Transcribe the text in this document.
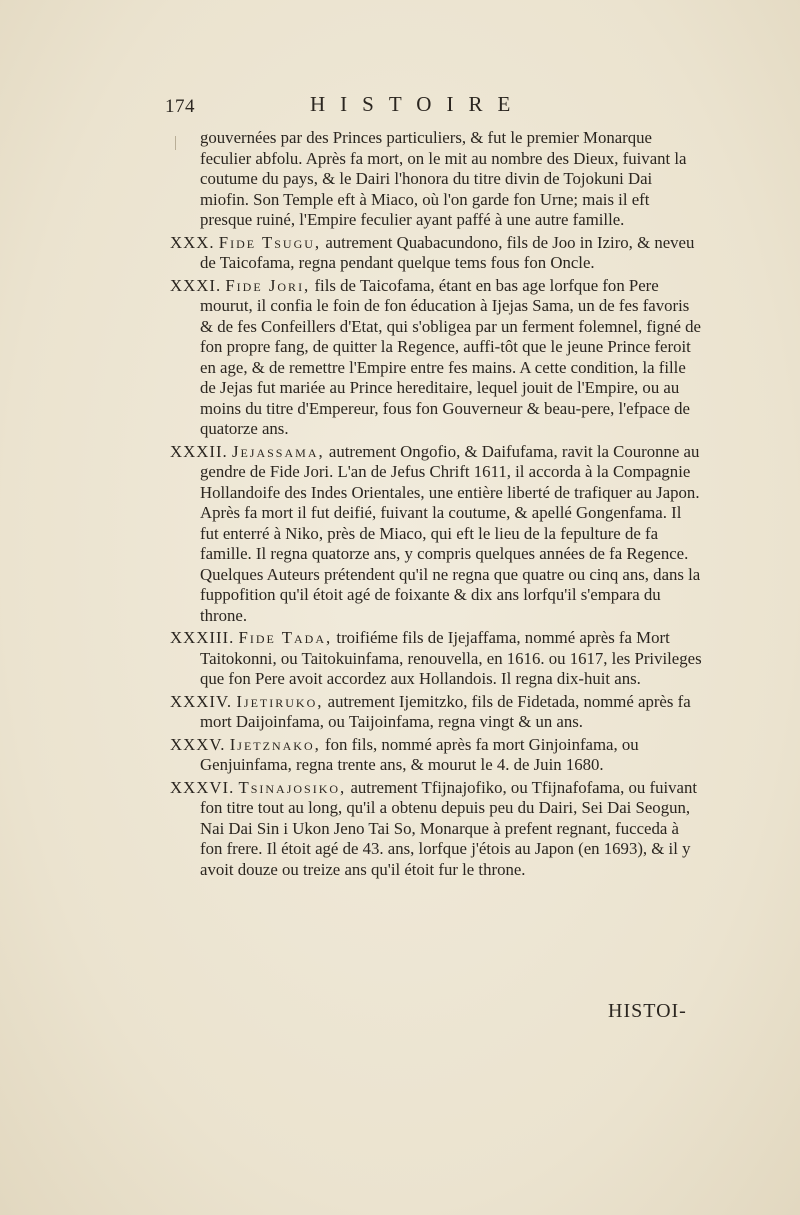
174	HISTOIRE

gouvernées par des Princes particuliers, & fut le premier Monarque feculier abfolu. Après fa mort, on le mit au nombre des Dieux, fuivant la coutume du pays, & le Dairi l'honora du titre divin de Tojokuni Dai miofin. Son Temple eft à Miaco, où l'on garde fon Urne; mais il eft presque ruiné, l'Empire feculier ayant paffé à une autre famille.

XXX. Fide Tsugu, autrement Quabacundono, fils de Joo in Iziro, & neveu de Taicofama, regna pendant quelque tems fous fon Oncle.

XXXI. Fide Jori, fils de Taicofama, étant en bas age lorfque fon Pere mourut, il confia le foin de fon éducation à Ijejas Sama, un de fes favoris & de fes Confeillers d'Etat, qui s'obligea par un ferment folemnel, figné de fon propre fang, de quitter la Regence, auffi-tôt que le jeune Prince feroit en age, & de remettre l'Empire entre fes mains. A cette condition, la fille de Jejas fut mariée au Prince hereditaire, lequel jouit de l'Empire, ou au moins du titre d'Empereur, fous fon Gouverneur & beau-pere, l'efpace de quatorze ans.

XXXII. Jejassama, autrement Ongofio, & Daifufama, ravit la Couronne au gendre de Fide Jori. L'an de Jefus Chrift 1611, il accorda à la Compagnie Hollandoife des Indes Orientales, une entière liberté de trafiquer au Japon. Après fa mort il fut deifié, fuivant la coutume, & apellé Gongenfama. Il fut enterré à Niko, près de Miaco, qui eft le lieu de la fepulture de fa famille. Il regna quatorze ans, y compris quelques années de fa Regence. Quelques Auteurs prétendent qu'il ne regna que quatre ou cinq ans, dans la fuppofition qu'il étoit agé de foixante & dix ans lorfqu'il s'empara du throne.

XXXIII. Fide Tada, troifiéme fils de Ijejaffama, nommé après fa Mort Taitokonni, ou Taitokuinfama, renouvella, en 1616. ou 1617, les Privileges que fon Pere avoit accordez aux Hollandois. Il regna dix-huit ans.

XXXIV. Ijetiruko, autrement Ijemitzko, fils de Fidetada, nommé après fa mort Daijoinfama, ou Taijoinfama, regna vingt & un ans.

XXXV. Ijetznako, fon fils, nommé après fa mort Ginjoinfama, ou Genjuinfama, regna trente ans, & mourut le 4. de Juin 1680.

XXXVI. Tsinajosiko, autrement Tfijnajofiko, ou Tfijnafofama, ou fuivant fon titre tout au long, qu'il a obtenu depuis peu du Dairi, Sei Dai Seogun, Nai Dai Sin i Ukon Jeno Tai So, Monarque à prefent regnant, fucceda à fon frere. Il étoit agé de 43. ans, lorfque j'étois au Japon (en 1693), & il y avoit douze ou treize ans qu'il étoit fur le throne.

HISTOI-
